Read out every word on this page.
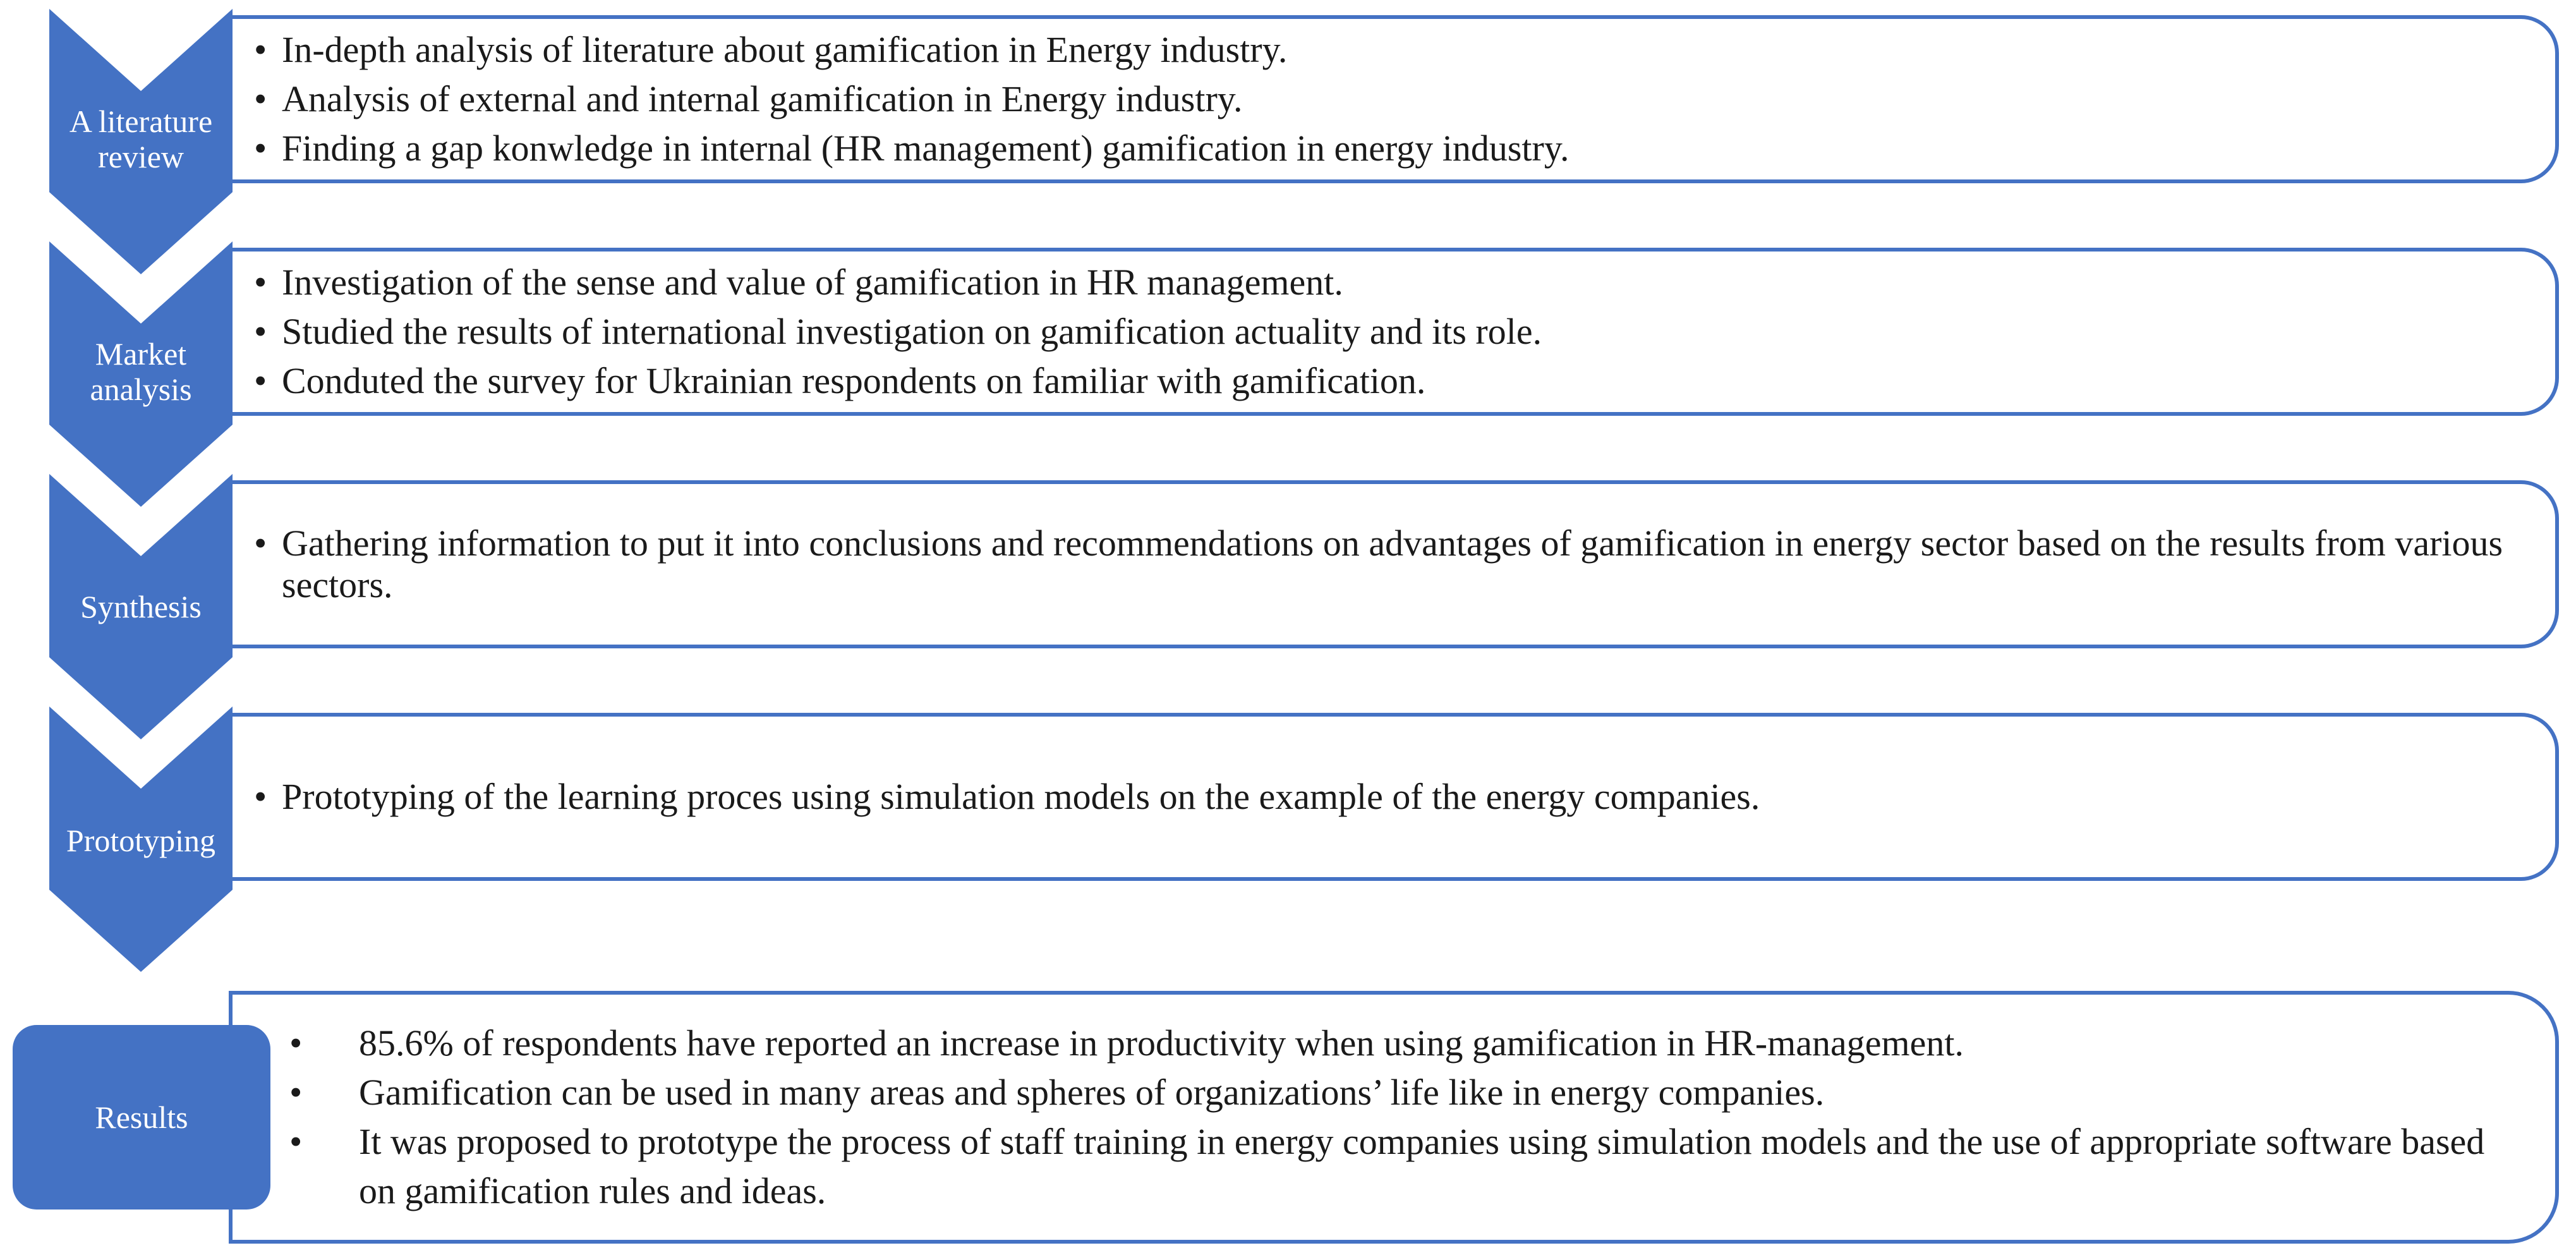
• In-depth analysis of literature about gamification in Energy industry.
• Analysis of external and internal gamification in Energy industry.
• Finding a gap konwledge in internal (HR management) gamification in energy industry.
• Investigation of the sense and value of gamification in HR management.
• Studied the results of international investigation on gamification actuality and its role.
• Conduted the survey for Ukrainian respondents on familiar with gamification.
• Gathering information to put it into conclusions and recommendations on advantages of gamification in energy sector based on the results from various sectors.
• Prototyping of the learning proces using simulation models on the example of the energy companies.
A literature review
Market analysis
Synthesis
Prototyping
• 85.6% of respondents have reported an increase in productivity when using gamification in HR-management.
• Gamification can be used in many areas and spheres of organizations’ life like in energy companies.
• It was proposed to prototype the process of staff training in energy companies using simulation models and the use of appropriate software based on gamification rules and ideas.
Results
